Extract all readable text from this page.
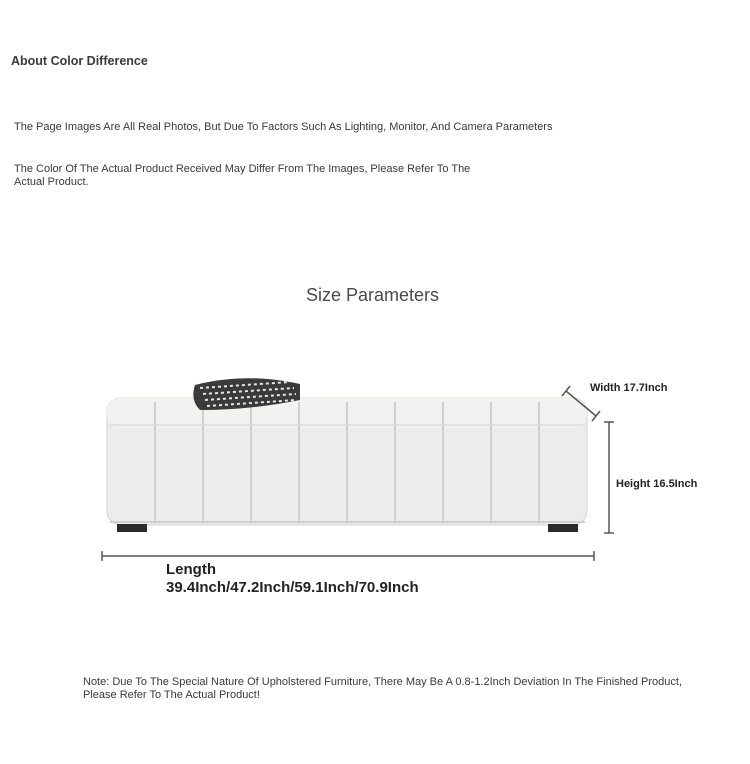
About Color Difference
The Page Images Are All Real Photos, But Due To Factors Such As Lighting, Monitor, And Camera Parameters
The Color Of The Actual Product Received May Differ From The Images, Please Refer To The Actual Product.
Size Parameters
Width 17.7Inch
Height 16.5Inch
Length
39.4Inch/47.2Inch/59.1Inch/70.9Inch
Note: Due To The Special Nature Of Upholstered Furniture, There May Be A 0.8-1.2Inch Deviation In The Finished Product, Please Refer To The Actual Product!
